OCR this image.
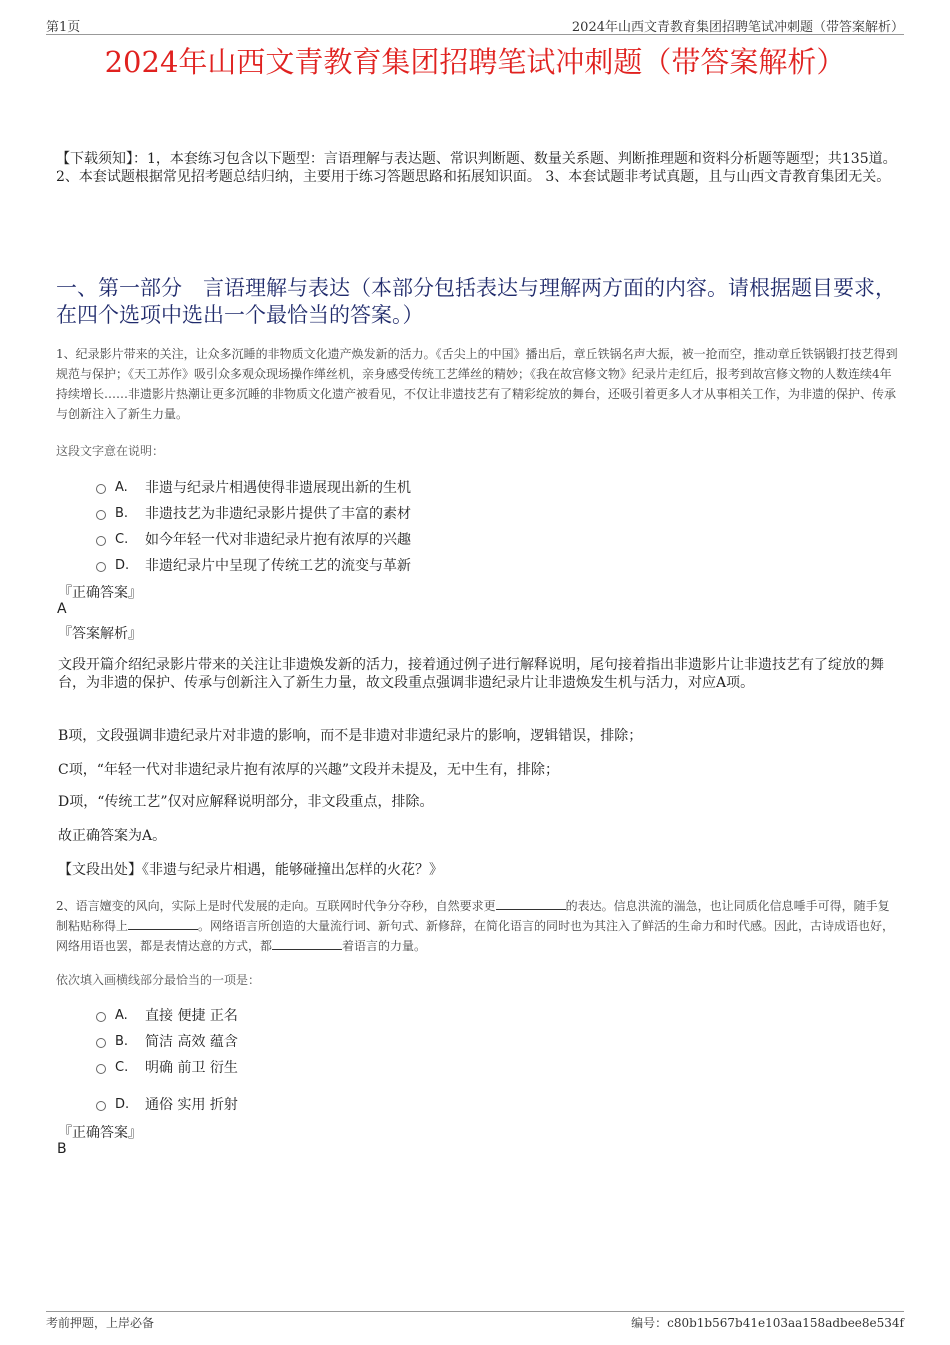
第1页	2024年山西文青教育集团招聘笔试冲刺题（带答案解析）
2024年山西文青教育集团招聘笔试冲刺题（带答案解析）
【下载须知】：1，本套练习包含以下题型：言语理解与表达题、常识判断题、数量关系题、判断推理题和资料分析题等题型；共135道。 2、本套试题根据常见招考题总结归纳，主要用于练习答题思路和拓展知识面。 3、本套试题非考试真题，且与山西文青教育集团无关。
一、第一部分　言语理解与表达（本部分包括表达与理解两方面的内容。请根据题目要求，在四个选项中选出一个最恰当的答案。）
1、纪录影片带来的关注，让众多沉睡的非物质文化遗产焕发新的活力。《舌尖上的中国》播出后，章丘铁锅名声大振，被一抢而空，推动章丘铁锅锻打技艺得到规范与保护；《天工苏作》吸引众多观众现场操作缂丝机，亲身感受传统工艺缂丝的精妙；《我在故宫修文物》纪录片走红后，报考到故宫修文物的人数连续4年持续增长……非遗影片热潮让更多沉睡的非物质文化遗产被看见，不仅让非遗技艺有了精彩绽放的舞台，还吸引着更多人才从事相关工作，为非遗的保护、传承与创新注入了新生力量。
这段文字意在说明：
A.	非遗与纪录片相遇使得非遗展现出新的生机
B.	非遗技艺为非遗纪录影片提供了丰富的素材
C.	如今年轻一代对非遗纪录片抱有浓厚的兴趣
D.	非遗纪录片中呈现了传统工艺的流变与革新
『正确答案』
A
『答案解析』
文段开篇介绍纪录影片带来的关注让非遗焕发新的活力，接着通过例子进行解释说明，尾句接着指出非遗影片让非遗技艺有了绽放的舞台，为非遗的保护、传承与创新注入了新生力量，故文段重点强调非遗纪录片让非遗焕发生机与活力，对应A项。
B项，文段强调非遗纪录片对非遗的影响，而不是非遗对非遗纪录片的影响，逻辑错误，排除；
C项，“年轻一代对非遗纪录片抱有浓厚的兴趣”文段并未提及，无中生有，排除；
D项，“传统工艺”仅对应解释说明部分，非文段重点，排除。
故正确答案为A。
【文段出处】《非遗与纪录片相遇，能够碰撞出怎样的火花？》
2、语言嬗变的风向，实际上是时代发展的走向。互联网时代争分夺秒，自然要求更	的表达。信息洪流的湍急，也让同质化信息唾手可得，随手复制粘贴称得上	。网络语言所创造的大量流行词、新句式、新修辞，在简化语言的同时也为其注入了鲜活的生命力和时代感。因此，古诗成语也好，网络用语也罢，都是表情达意的方式，都	着语言的力量。
依次填入画横线部分最恰当的一项是：
A.	直接 便捷 正名
B.	简洁 高效 蕴含
C.	明确 前卫 衍生
D.	通俗 实用 折射
『正确答案』
B
考前押题，上岸必备	编号：c80b1b567b41e103aa158adbee8e534f
